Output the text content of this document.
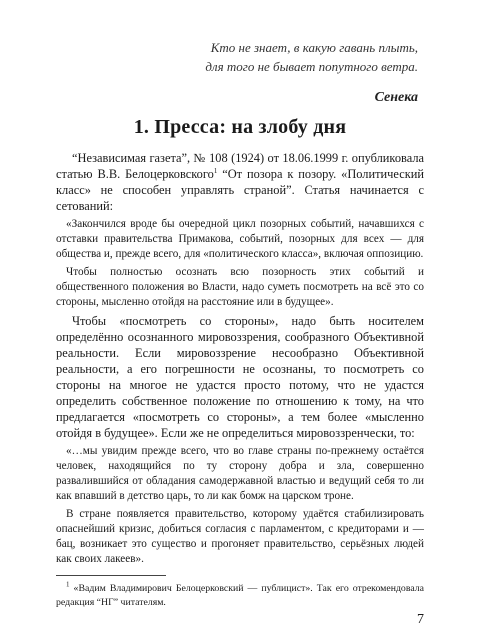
Кто не знает, в какую гавань плыть,
для того не бывает попутного ветра.
Сенека
1. Пресса: на злобу дня

“Независимая газета”, № 108 (1924) от 18.06.1999 г. опубликовала статью В.В. Белоцерковского$^1$ “От позора к позору. «Политический класс» не способен управлять страной”. Статья начинается с сетований:

«Закончился вроде бы очередной цикл позорных событий, начавшихся с отставки правительства Примакова, событий, позорных для всех — для общества и, прежде всего, для «политического класса», включая оппозицию.

Чтобы полностью осознать всю позорность этих событий и общественного положения во Власти, надо суметь посмотреть на всё это со стороны, мысленно отойдя на расстояние или в будущее».

Чтобы «посмотреть со стороны», надо быть носителем определённо осознанного мировоззрения, сообразного Объективной реальности. Если мировоззрение несообразно Объективной реальности, а его погрешности не осознаны, то посмотреть со стороны на многое не удастся просто потому, что не удастся определить собственное положение по отношению к тому, на что предлагается «посмотреть со стороны», а тем более «мысленно отойдя в будущее». Если же не определиться мировоззренчески, то:

«…мы увидим прежде всего, что во главе страны по-прежнему остаётся человек, находящийся по ту сторону добра и зла, совершенно развалившийся от обладания самодержавной властью и ведущий себя то ли как впавший в детство царь, то ли как бомж на царском троне.

В стране появляется правительство, которому удаётся стабилизировать опаснейший кризис, добиться согласия с парламентом, с кредиторами и — бац, возникает это существо и прогоняет правительство, серьёзных людей как своих лакеев».

$^1$ «Вадим Владимирович Белоцерковский — публицист». Так его отрекомендовала редакция “НГ” читателям.
7
